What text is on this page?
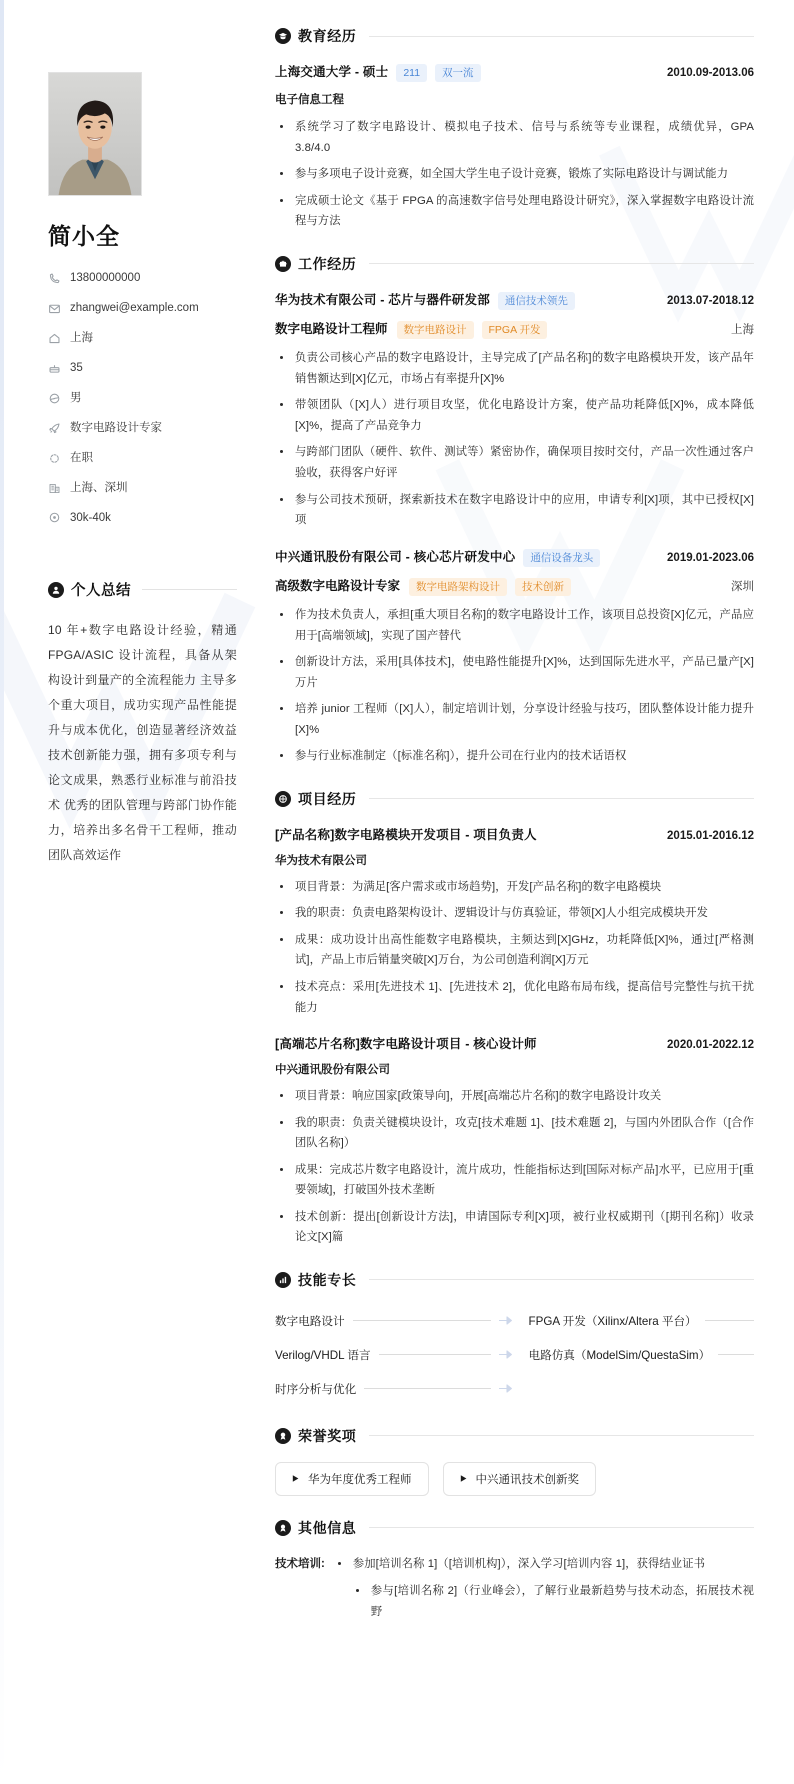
简小全
13800000000
zhangwei@example.com
上海
35
男
数字电路设计专家
在职
上海、深圳
30k-40k
个人总结

10 年+数字电路设计经验，精通 FPGA/ASIC 设计流程，具备从架构设计到量产的全流程能力 主导多个重大项目，成功实现产品性能提升与成本优化，创造显著经济效益 技术创新能力强，拥有多项专利与论文成果，熟悉行业标准与前沿技术 优秀的团队管理与跨部门协作能力，培养出多名骨干工程师，推动团队高效运作

教育经历
上海交通大学 - 硕士	211	双一流	2010.09-2013.06
电子信息工程
系统学习了数字电路设计、模拟电子技术、信号与系统等专业课程，成绩优异，GPA 3.8/4.0
参与多项电子设计竞赛，如全国大学生电子设计竞赛，锻炼了实际电路设计与调试能力
完成硕士论文《基于 FPGA 的高速数字信号处理电路设计研究》，深入掌握数字电路设计流程与方法
工作经历
华为技术有限公司 - 芯片与器件研发部	通信技术领先	2013.07-2018.12
数字电路设计工程师	数字电路设计	FPGA 开发	上海
负责公司核心产品的数字电路设计，主导完成了[产品名称]的数字电路模块开发，该产品年销售额达到[X]亿元，市场占有率提升[X]%
带领团队（[X]人）进行项目攻坚，优化电路设计方案，使产品功耗降低[X]%，成本降低[X]%，提高了产品竞争力
与跨部门团队（硬件、软件、测试等）紧密协作，确保项目按时交付，产品一次性通过客户验收，获得客户好评
参与公司技术预研，探索新技术在数字电路设计中的应用，申请专利[X]项，其中已授权[X]项
中兴通讯股份有限公司 - 核心芯片研发中心	通信设备龙头	2019.01-2023.06
高级数字电路设计专家	数字电路架构设计	技术创新	深圳
作为技术负责人，承担[重大项目名称]的数字电路设计工作，该项目总投资[X]亿元，产品应用于[高端领域]，实现了国产替代
创新设计方法，采用[具体技术]，使电路性能提升[X]%，达到国际先进水平，产品已量产[X]万片
培养 junior 工程师（[X]人），制定培训计划，分享设计经验与技巧，团队整体设计能力提升[X]%
参与行业标准制定（[标准名称]），提升公司在行业内的技术话语权
项目经历
[产品名称]数字电路模块开发项目 - 项目负责人	2015.01-2016.12
华为技术有限公司
项目背景：为满足[客户需求或市场趋势]，开发[产品名称]的数字电路模块
我的职责：负责电路架构设计、逻辑设计与仿真验证，带领[X]人小组完成模块开发
成果：成功设计出高性能数字电路模块，主频达到[X]GHz，功耗降低[X]%，通过[严格测试]，产品上市后销量突破[X]万台，为公司创造利润[X]万元
技术亮点：采用[先进技术 1]、[先进技术 2]，优化电路布局布线，提高信号完整性与抗干扰能力
[高端芯片名称]数字电路设计项目 - 核心设计师	2020.01-2022.12
中兴通讯股份有限公司
项目背景：响应国家[政策导向]，开展[高端芯片名称]的数字电路设计攻关
我的职责：负责关键模块设计，攻克[技术难题 1]、[技术难题 2]，与国内外团队合作（[合作团队名称]）
成果：完成芯片数字电路设计，流片成功，性能指标达到[国际对标产品]水平，已应用于[重要领域]，打破国外技术垄断
技术创新：提出[创新设计方法]，申请国际专利[X]项，被行业权威期刊（[期刊名称]）收录论文[X]篇
技能专长
数字电路设计	FPGA 开发（Xilinx/Altera 平台）
Verilog/VHDL 语言	电路仿真（ModelSim/QuestaSim）
时序分析与优化
荣誉奖项
华为年度优秀工程师	中兴通讯技术创新奖
其他信息
技术培训:	参加[培训名称 1]（[培训机构]），深入学习[培训内容 1]，获得结业证书
参与[培训名称 2]（行业峰会），了解行业最新趋势与技术动态，拓展技术视野
